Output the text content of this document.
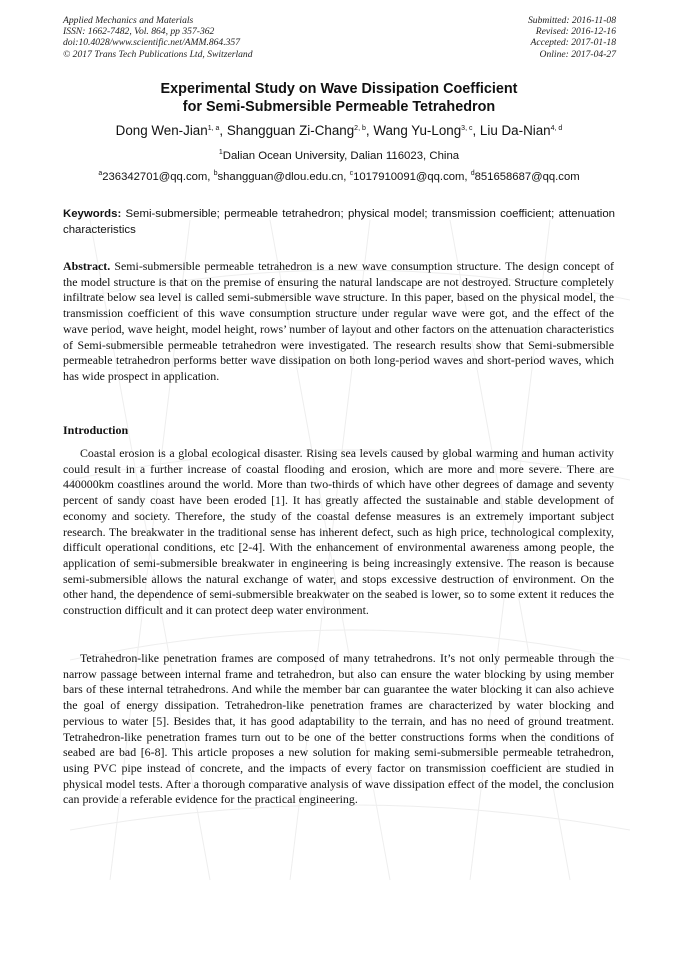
Applied Mechanics and Materials
ISSN: 1662-7482, Vol. 864, pp 357-362
doi:10.4028/www.scientific.net/AMM.864.357
© 2017 Trans Tech Publications Ltd, Switzerland
Submitted: 2016-11-08
Revised: 2016-12-16
Accepted: 2017-01-18
Online: 2017-04-27
Experimental Study on Wave Dissipation Coefficient
for Semi-Submersible Permeable Tetrahedron
Dong Wen-Jian$^{1, a}$, Shangguan Zi-Chang$^{2, b}$, Wang Yu-Long$^{3, c}$, Liu Da-Nian$^{4, d}$
$^1$Dalian Ocean University, Dalian 116023, China
$^a$236342701@qq.com, $^b$shangguan@dlou.edu.cn, $^c$1017910091@qq.com, $^d$851658687@qq.com
Keywords: Semi-submersible; permeable tetrahedron; physical model; transmission coefficient; attenuation characteristics

Abstract. Semi-submersible permeable tetrahedron is a new wave consumption structure. The design concept of the model structure is that on the premise of ensuring the natural landscape are not destroyed. Structure completely infiltrate below sea level is called semi-submersible wave structure. In this paper, based on the physical model, the transmission coefficient of this wave consumption structure under regular wave were got, and the effect of the wave period, wave height, model height, rows’ number of layout and other factors on the attenuation characteristics of Semi-submersible permeable tetrahedron were investigated. The research results show that Semi-submersible permeable tetrahedron performs better wave dissipation on both long-period waves and short-period waves, which has wide prospect in application.

Introduction

Coastal erosion is a global ecological disaster. Rising sea levels caused by global warming and human activity could result in a further increase of coastal flooding and erosion, which are more and more severe. There are 440000km coastlines around the world. More than two-thirds of which have other degrees of damage and seventy percent of sandy coast have been eroded [1]. It has greatly affected the sustainable and stable development of economy and society. Therefore, the study of the coastal defense measures is an extremely important subject research. The breakwater in the traditional sense has inherent defect, such as high price, technological complexity, difficult operational conditions, etc [2-4]. With the enhancement of environmental awareness among people, the application of semi-submersible breakwater in engineering is being increasingly extensive. The reason is because semi-submersible allows the natural exchange of water, and stops excessive destruction of environment. On the other hand, the dependence of semi-submersible breakwater on the seabed is lower, so to some extent it reduces the construction difficult and it can protect deep water environment.

Tetrahedron-like penetration frames are composed of many tetrahedrons. It’s not only permeable through the narrow passage between internal frame and tetrahedron, but also can ensure the water blocking by using member bars of these internal tetrahedrons. And while the member bar can guarantee the water blocking it can also achieve the goal of energy dissipation. Tetrahedron-like penetration frames are characterized by water blocking and pervious to water [5]. Besides that, it has good adaptability to the terrain, and has no need of ground treatment. Tetrahedron-like penetration frames turn out to be one of the better constructions forms when the conditions of seabed are bad [6-8]. This article proposes a new solution for making semi-submersible permeable tetrahedron, using PVC pipe instead of concrete, and the impacts of every factor on transmission coefficient are studied in physical model tests. After a thorough comparative analysis of wave dissipation effect of the model, the conclusion can provide a referable evidence for the practical engineering.
